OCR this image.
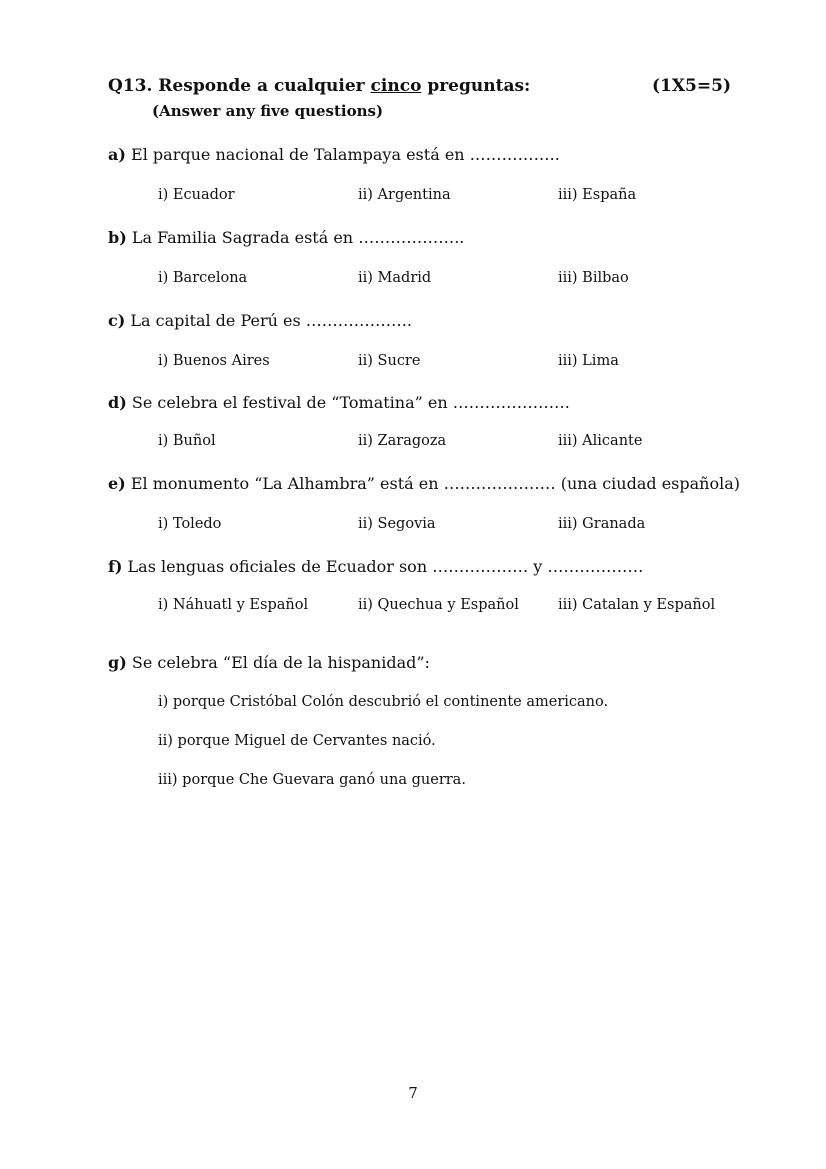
Q13. Responde a cualquier cinco preguntas:	(1X5=5)
(Answer any five questions)
a) El parque nacional de Talampaya está en ……………..
i) Ecuador	ii) Argentina	iii) España
b) La Familia Sagrada está en ………………..
i) Barcelona	ii) Madrid	iii) Bilbao
c) La capital de Perú es ………………..
i) Buenos Aires	ii) Sucre	iii) Lima
d) Se celebra el festival de “Tomatina” en ………………….
i) Buñol	ii) Zaragoza	iii) Alicante
e) El monumento “La Alhambra” está en ………………… (una ciudad española)
i) Toledo	ii) Segovia	iii) Granada
f) Las lenguas oficiales de Ecuador son ……………… y ………………
i) Náhuatl y Español	ii) Quechua y Español	iii) Catalan y Español
g) Se celebra “El día de la hispanidad”:
i) porque Cristóbal Colón descubrió el continente americano.
ii) porque Miguel de Cervantes nació.
iii) porque Che Guevara ganó una guerra.
7
